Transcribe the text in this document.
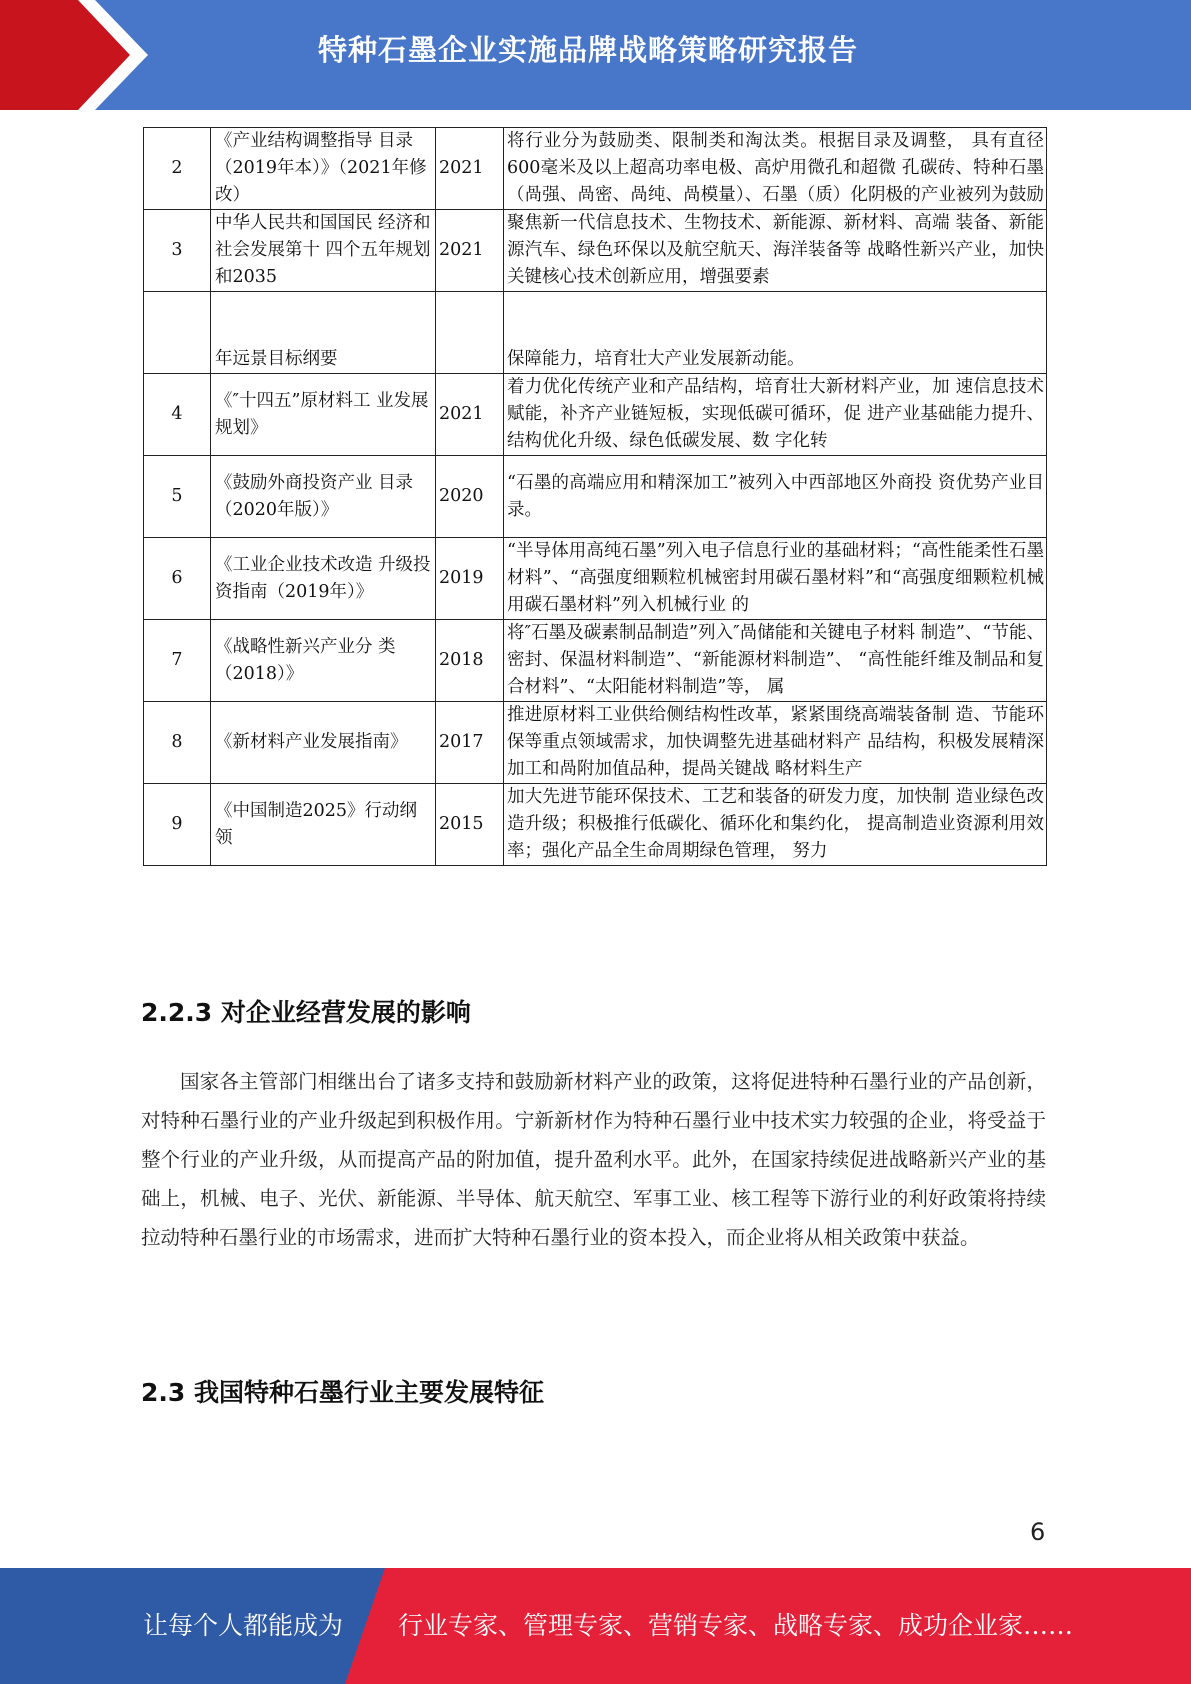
特种石墨企业实施品牌战略策略研究报告
2	《产业结构调整指导 目录（2019年本）》（2021年修改）	2021	将行业分为鼓励类、限制类和淘汰类。根据目录及调整， 具有直径600毫米及以上超高功率电极、高炉用微孔和超微 孔碳砖、特种石墨（咼强、咼密、咼纯、咼模量）、石墨（质）化阴极的产业被列为鼓励

3	中华人民共和国国民 经济和社会发展第十 四个五年规划和2035	2021	聚焦新一代信息技术、生物技术、新能源、新材料、高端 装备、新能源汽车、绿色环保以及航空航天、海洋装备等 战略性新兴产业，加快关键核心技术创新应用，增强要素

年远景目标纲要		保障能力，培育壮大产业发展新动能。

4	《″十四五”原材料工 业发展规划》	2021	着力优化传统产业和产品结构，培育壮大新材料产业，加 速信息技术赋能，补齐产业链短板，实现低碳可循环，促 进产业基础能力提升、结构优化升级、绿色低碳发展、数 字化转

5	《鼓励外商投资产业 目录（2020年版）》	2020	“石墨的高端应用和精深加工”被列入中西部地区外商投 资优势产业目录。

6	《工业企业技术改造 升级投资指南（2019年）》	2019	“半导体用高纯石墨”列入电子信息行业的基础材料；“高性能柔性石墨材料”、“高强度细颗粒机械密封用碳石墨材料”和“高强度细颗粒机械用碳石墨材料”列入机械行业 的

7	《战略性新兴产业分 类（2018）》	2018	将″石墨及碳素制品制造”列入″咼储能和关键电子材料 制造”、“节能、密封、保温材料制造”、“新能源材料制造”、 “高性能纤维及制品和复合材料”、“太阳能材料制造”等， 属

8	《新材料产业发展指南》	2017	推进原材料工业供给侧结构性改革，紧紧围绕高端装备制 造、节能环保等重点领域需求，加快调整先进基础材料产 品结构，积极发展精深加工和咼附加值品种，提咼关键战 略材料生产

9	《中国制造2025》行动纲领	2015	加大先进节能环保技术、工艺和装备的研发力度，加快制 造业绿色改造升级；积极推行低碳化、循环化和集约化， 提高制造业资源利用效率；强化产品全生命周期绿色管理， 努力
2.2.3 对企业经营发展的影响
国家各主管部门相继出台了诸多支持和鼓励新材料产业的政策，这将促进特种石墨行业的产品创新，对特种石墨行业的产业升级起到积极作用。宁新新材作为特种石墨行业中技术实力较强的企业，将受益于整个行业的产业升级，从而提高产品的附加值，提升盈利水平。此外，在国家持续促进战略新兴产业的基础上，机械、电子、光伏、新能源、半导体、航天航空、军事工业、核工程等下游行业的利好政策将持续拉动特种石墨行业的市场需求，进而扩大特种石墨行业的资本投入，而企业将从相关政策中获益。
2.3 我国特种石墨行业主要发展特征
6
让每个人都能成为 行业专家、管理专家、营销专家、战略专家、成功企业家……
